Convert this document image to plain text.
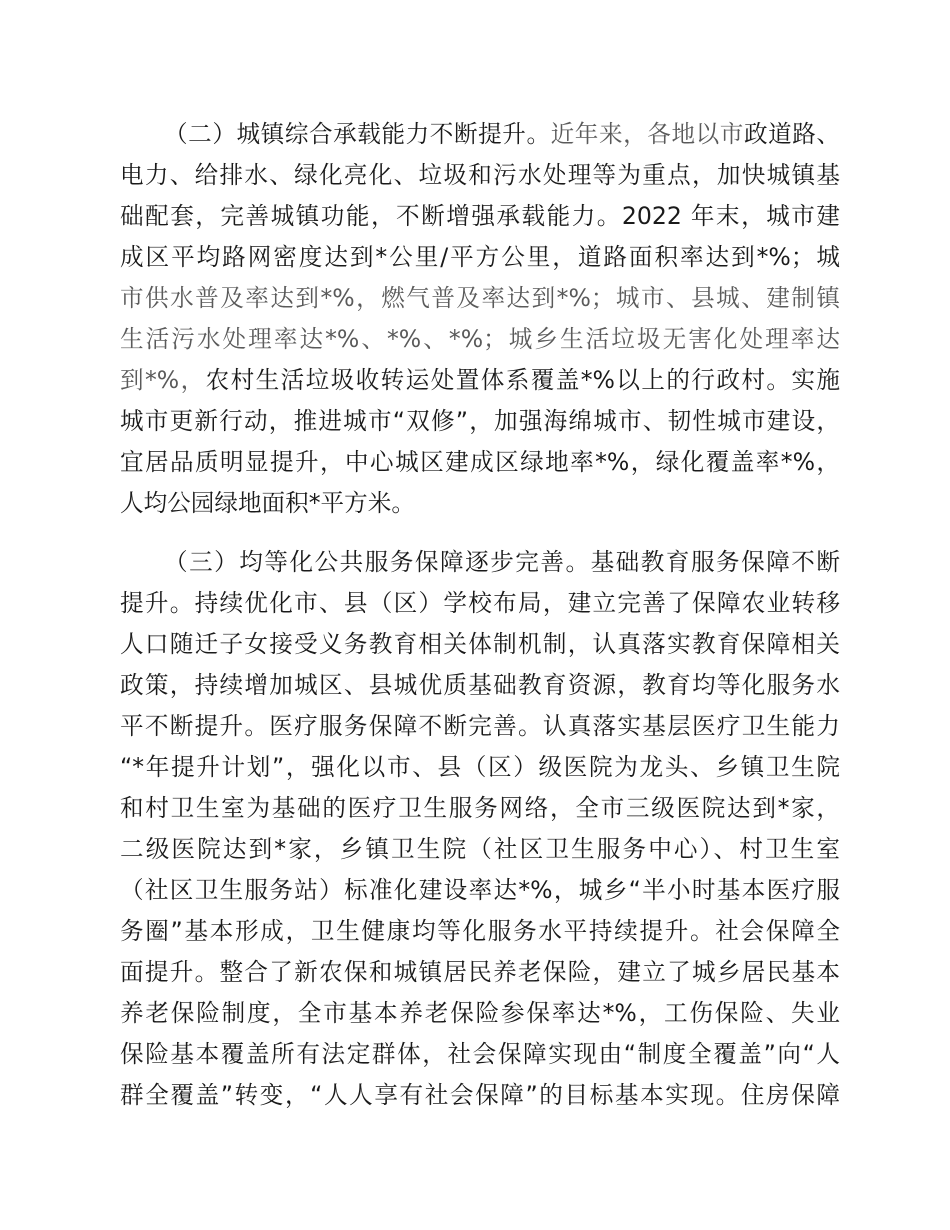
（二）城镇综合承载能力不断提升。近年来，各地以市政道路、
电力、给排水、绿化亮化、垃圾和污水处理等为重点，加快城镇基
础配套，完善城镇功能，不断增强承载能力。2022 年末，城市建
成区平均路网密度达到*公里/平方公里，道路面积率达到*%；城
市供水普及率达到*%，燃气普及率达到*%；城市、县城、建制镇
生活污水处理率达*%、*%、*%；城乡生活垃圾无害化处理率达
到*%，农村生活垃圾收转运处置体系覆盖*%以上的行政村。实施
城市更新行动，推进城市“双修”，加强海绵城市、韧性城市建设，
宜居品质明显提升，中心城区建成区绿地率*%，绿化覆盖率*%，
人均公园绿地面积*平方米。
（三）均等化公共服务保障逐步完善。基础教育服务保障不断
提升。持续优化市、县（区）学校布局，建立完善了保障农业转移
人口随迁子女接受义务教育相关体制机制，认真落实教育保障相关
政策，持续增加城区、县城优质基础教育资源，教育均等化服务水
平不断提升。医疗服务保障不断完善。认真落实基层医疗卫生能力
“*年提升计划”，强化以市、县（区）级医院为龙头、乡镇卫生院
和村卫生室为基础的医疗卫生服务网络，全市三级医院达到*家，
二级医院达到*家，乡镇卫生院（社区卫生服务中心）、村卫生室
（社区卫生服务站）标准化建设率达*%，城乡“半小时基本医疗服
务圈”基本形成，卫生健康均等化服务水平持续提升。社会保障全
面提升。整合了新农保和城镇居民养老保险，建立了城乡居民基本
养老保险制度，全市基本养老保险参保率达*%，工伤保险、失业
保险基本覆盖所有法定群体，社会保障实现由“制度全覆盖”向“人
群全覆盖”转变，“人人享有社会保障”的目标基本实现。住房保障
